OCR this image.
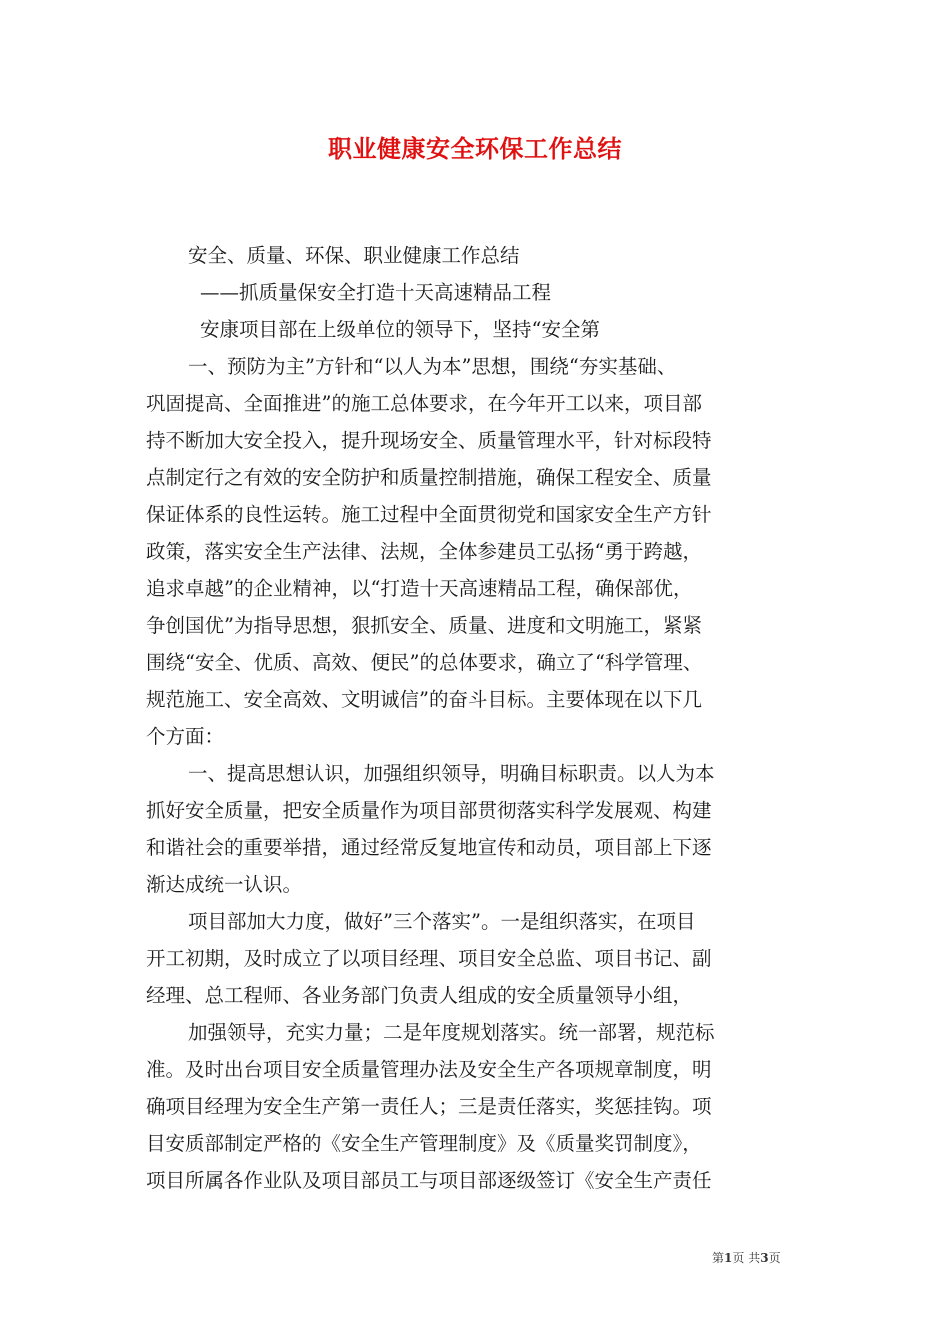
职业健康安全环保工作总结
安全、质量、环保、职业健康工作总结
——抓质量保安全打造十天高速精品工程
安康项目部在上级单位的领导下，坚持“安全第
一、预防为主”方针和“以人为本”思想，围绕“夯实基础、
巩固提高、全面推进”的施工总体要求，在今年开工以来，项目部
持不断加大安全投入，提升现场安全、质量管理水平，针对标段特
点制定行之有效的安全防护和质量控制措施，确保工程安全、质量
保证体系的良性运转。施工过程中全面贯彻党和国家安全生产方针
政策，落实安全生产法律、法规，全体参建员工弘扬“勇于跨越，
追求卓越”的企业精神，以“打造十天高速精品工程，确保部优，
争创国优”为指导思想，狠抓安全、质量、进度和文明施工，紧紧
围绕“安全、优质、高效、便民”的总体要求，确立了“科学管理、
规范施工、安全高效、文明诚信”的奋斗目标。主要体现在以下几
个方面：
一、提高思想认识，加强组织领导，明确目标职责。以人为本
抓好安全质量，把安全质量作为项目部贯彻落实科学发展观、构建
和谐社会的重要举措，通过经常反复地宣传和动员，项目部上下逐
渐达成统一认识。
项目部加大力度，做好”三个落实”。一是组织落实，在项目
开工初期，及时成立了以项目经理、项目安全总监、项目书记、副
经理、总工程师、各业务部门负责人组成的安全质量领导小组，
加强领导，充实力量；二是年度规划落实。统一部署，规范标
准。及时出台项目安全质量管理办法及安全生产各项规章制度，明
确项目经理为安全生产第一责任人；三是责任落实，奖惩挂钩。项
目安质部制定严格的《安全生产管理制度》及《质量奖罚制度》，
项目所属各作业队及项目部员工与项目部逐级签订《安全生产责任
第1页 共3页
